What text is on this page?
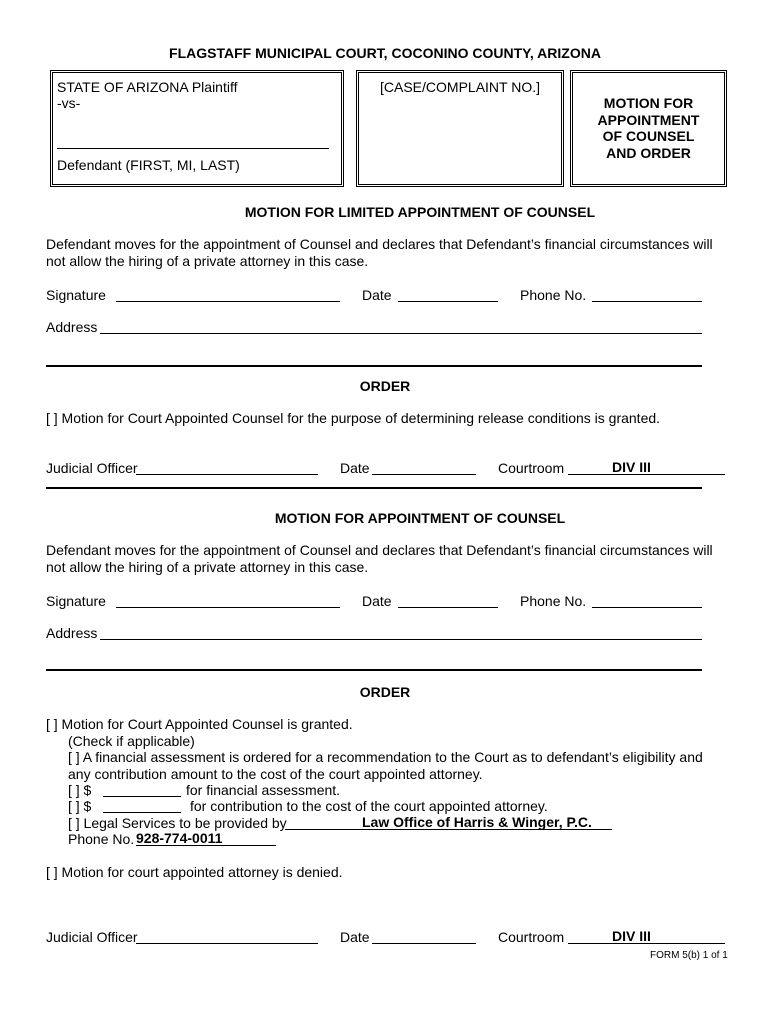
FLAGSTAFF MUNICIPAL COURT, COCONINO COUNTY, ARIZONA
STATE OF ARIZONA Plaintiff
-vs-
Defendant (FIRST, MI, LAST)
[CASE/COMPLAINT NO.]
MOTION FOR
APPOINTMENT
OF COUNSEL
AND ORDER
MOTION FOR LIMITED APPOINTMENT OF COUNSEL
Defendant moves for the appointment of Counsel and declares that Defendant’s financial circumstances will
not allow the hiring of a private attorney in this case.
Signature	Date	Phone No.
Address
ORDER
[ ] Motion for Court Appointed Counsel for the purpose of determining release conditions is granted.
Judicial Officer	Date	Courtroom	DIV III
MOTION FOR APPOINTMENT OF COUNSEL
Defendant moves for the appointment of Counsel and declares that Defendant’s financial circumstances will
not allow the hiring of a private attorney in this case.
Signature	Date	Phone No.
Address
ORDER
[ ] Motion for Court Appointed Counsel is granted.
(Check if applicable)
[ ] A financial assessment is ordered for a recommendation to the Court as to defendant’s eligibility and
any contribution amount to the cost of the court appointed attorney.
[ ] $	for financial assessment.
[ ] $	for contribution to the cost of the court appointed attorney.
[ ] Legal Services to be provided by	Law Office of Harris & Winger, P.C.
Phone No. 928-774-0011
[ ] Motion for court appointed attorney is denied.
Judicial Officer	Date	Courtroom	DIV III
FORM 5(b) 1 of 1
